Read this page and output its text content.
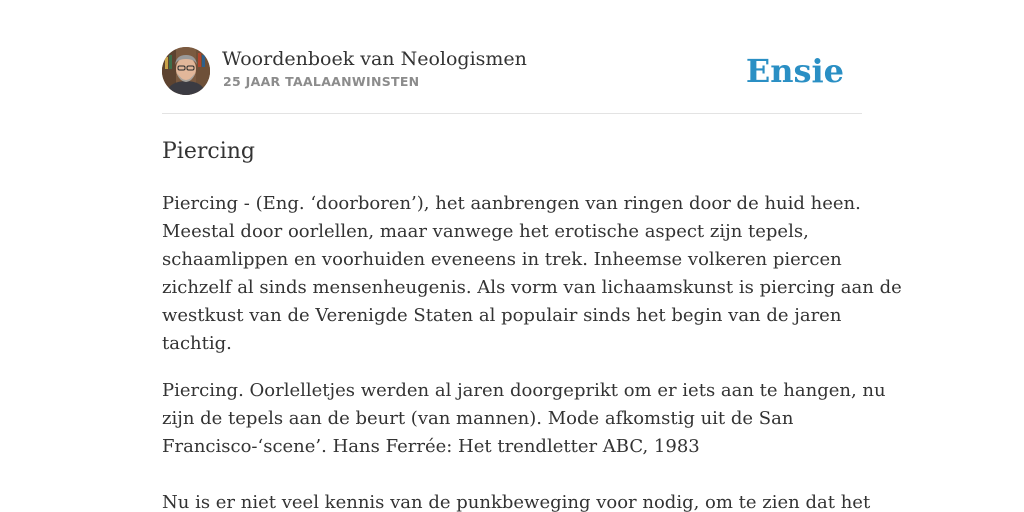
Woordenboek van Neologismen
25 JAAR TAALAANWINSTEN	Ensie
Piercing

Piercing - (Eng. ‘doorboren’), het aanbrengen van ringen door de huid heen.
Meestal door oorlellen, maar vanwege het erotische aspect zijn tepels,
schaamlippen en voorhuiden eveneens in trek. Inheemse volkeren piercen
zichzelf al sinds mensenheugenis. Als vorm van lichaamskunst is piercing aan de
westkust van de Verenigde Staten al populair sinds het begin van de jaren
tachtig.

Piercing. Oorlelletjes werden al jaren doorgeprikt om er iets aan te hangen, nu
zijn de tepels aan de beurt (van mannen). Mode afkomstig uit de San
Francisco-‘scene’. Hans Ferrée: Het trendletter ABC, 1983
Nu is er niet veel kennis van de punkbeweging voor nodig, om te zien dat het
